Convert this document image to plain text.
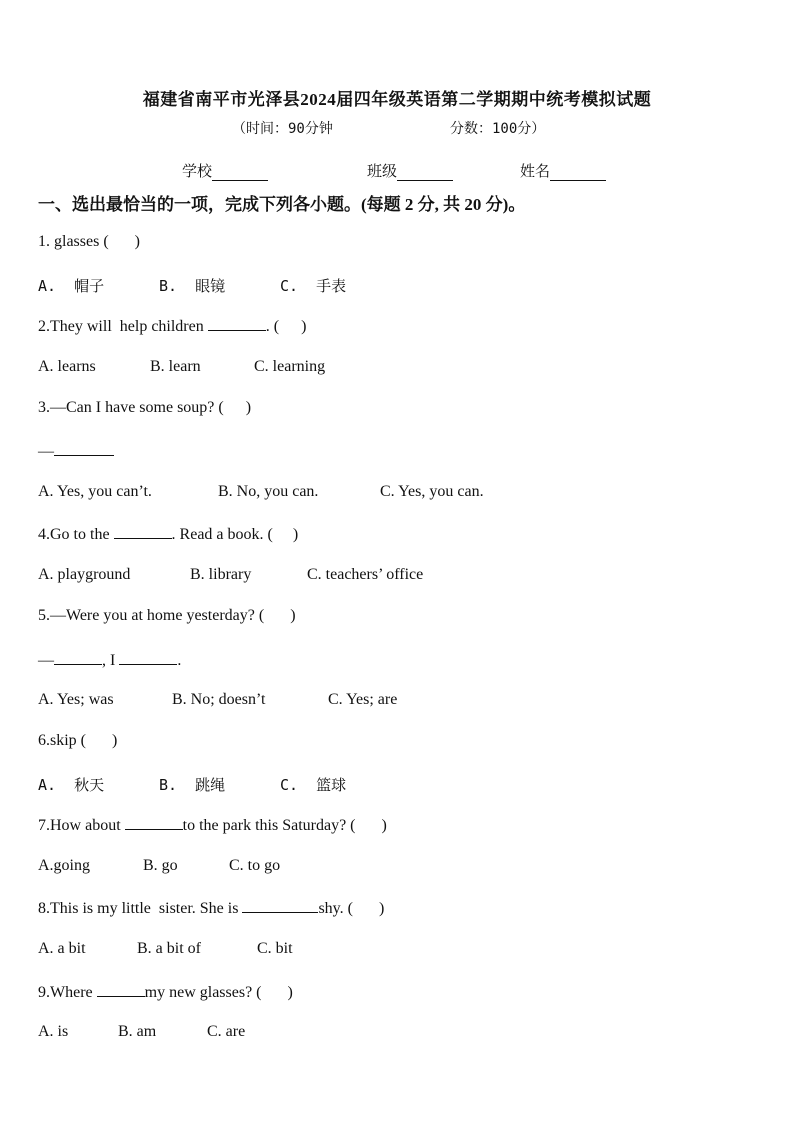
福建省南平市光泽县2024届四年级英语第二学期期中统考模拟试题
（时间：90分钟	分数：100分）
学校	班级	姓名
一、选出最恰当的一项，完成下列各小题。(每题 2 分, 共 20 分)。
1. glasses ( )
A.  帽子	B.  眼镜	C.  手表
2.They will  help children	. ( )
A. learns	B. learn	C. learning
3.—Can I have some soup? ( )
—
A. Yes, you can’t.	B. No, you can.	C. Yes, you can.
4.Go to the	. Read a book. ( )
A. playground	B. library	C. teachers’ office
5.—Were you at home yesterday? ( )
—	, I	.
A. Yes; was	B. No; doesn’t	C. Yes; are
6.skip ( )
A.  秋天	B.  跳绳	C.  篮球
7.How about	to the park this Saturday? ( )
A.going	B. go	C. to go
8.This is my little  sister. She is	shy. ( )
A. a bit	B. a bit of	C. bit
9.Where	my new glasses? ( )
A. is	B. am	C. are
